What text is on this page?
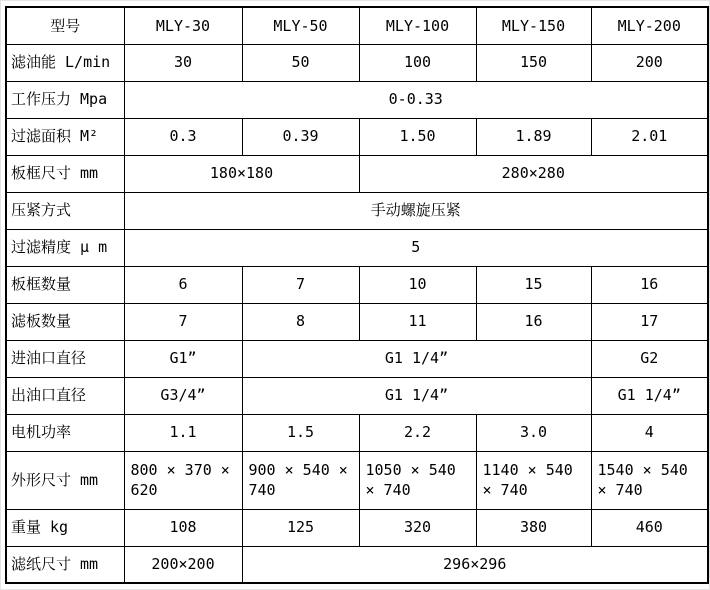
型号	MLY-30	MLY-50	MLY-100	MLY-150	MLY-200
滤油能 L/min	30	50	100	150	200
工作压力 Mpa	0-0.33				
过滤面积 M²	0.3	0.39	1.50	1.89	2.01
板框尺寸 mm	180×180		280×280		
压紧方式	手动螺旋压紧				
过滤精度 μ m	5				
板框数量	6	7	10	15	16
滤板数量	7	8	11	16	17
进油口直径	G1”	G1 1/4”			G2
出油口直径	G3/4”	G1 1/4”			G1 1/4”
电机功率	1.1	1.5	2.2	3.0	4
外形尺寸 mm	800 × 370 × 620	900 × 540 × 740	1050 × 540 × 740	1140 × 540 × 740	1540 × 540 × 740
重量 kg	108	125	320	380	460
滤纸尺寸 mm	200×200	296×296			
